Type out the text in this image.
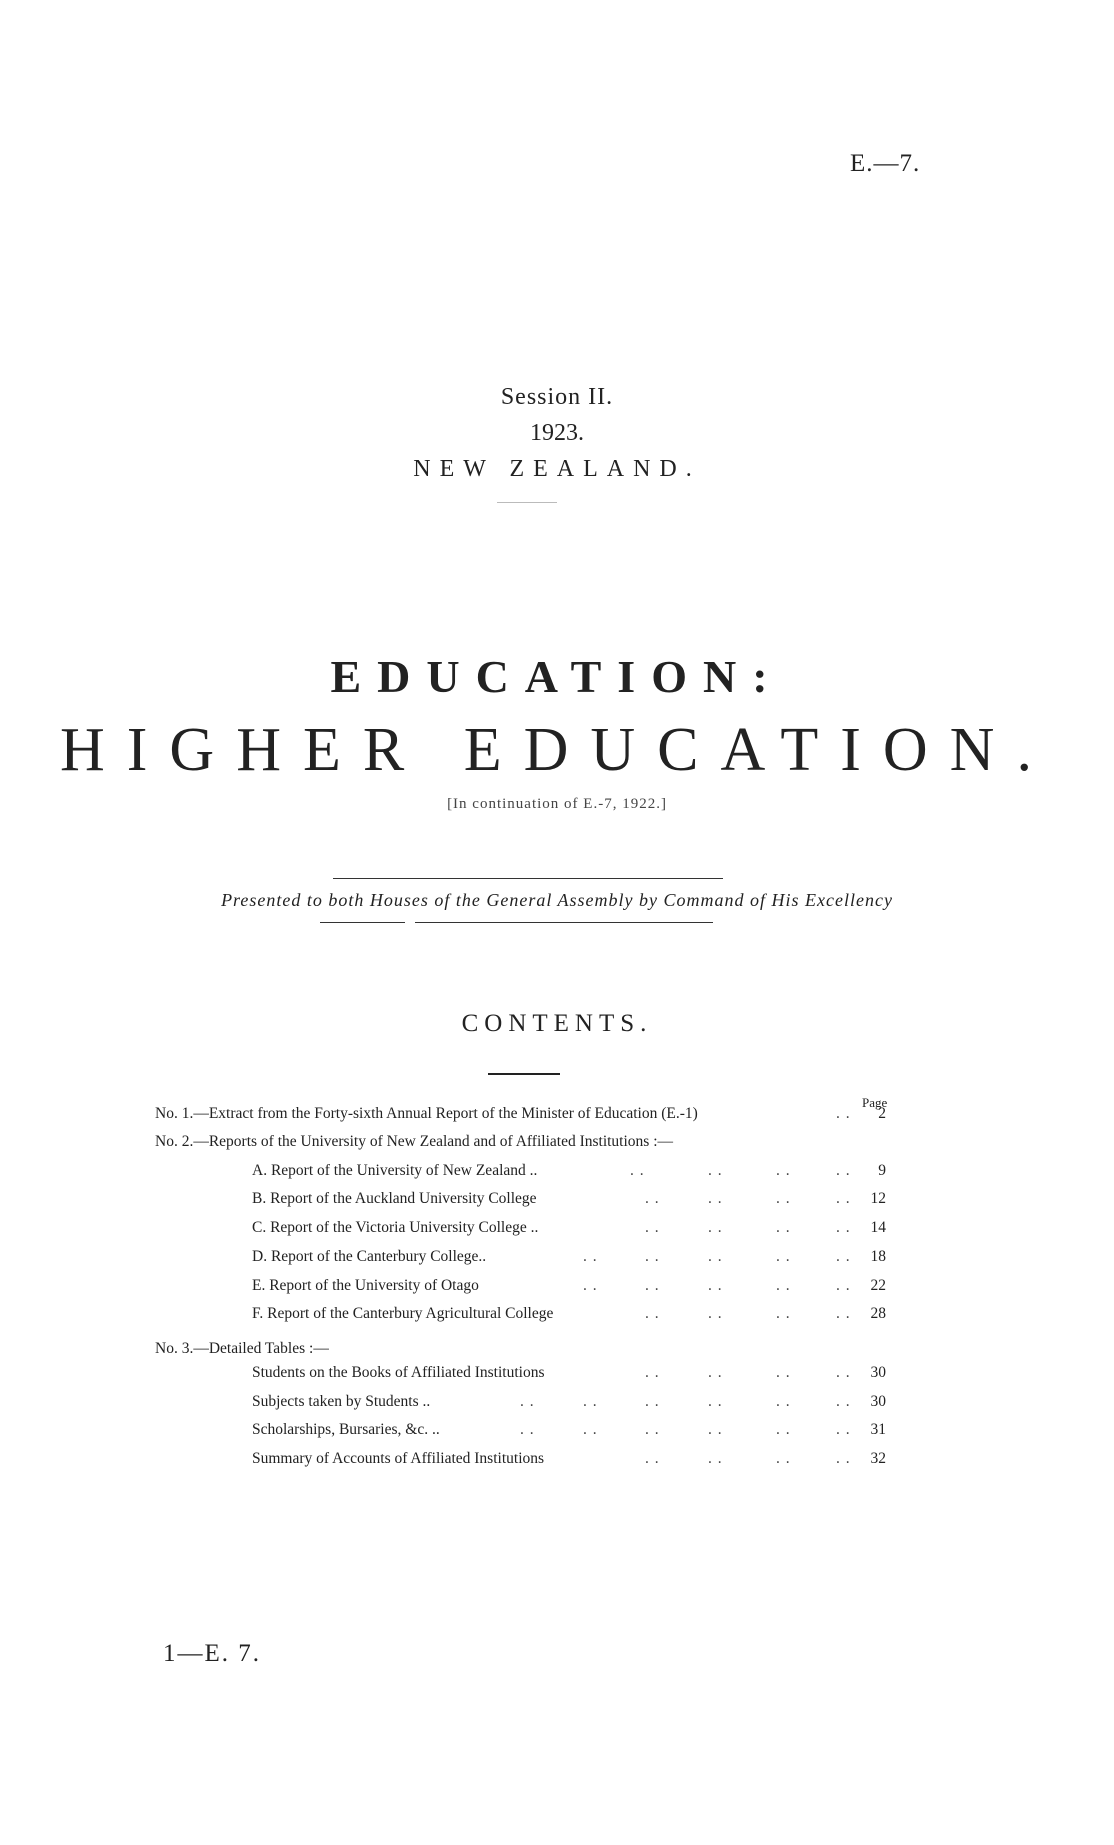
E.—7.
Session II.
1923.
NEW ZEALAND.
EDUCATION:
HIGHER EDUCATION.
[In continuation of E.-7, 1922.]
Presented to both Houses of the General Assembly by Command of His Excellency
CONTENTS.
Page
No. 1.—Extract from the Forty-sixth Annual Report of the Minister of Education (E.-1)	. .	2
No. 2.—Reports of the University of New Zealand and of Affiliated Institutions :—
A. Report of the University of New Zealand ..	. .	. .	. .	. .	9
B. Report of the Auckland University College	. .	. .	. .	. .	12
C. Report of the Victoria University College ..	. .	. .	. .	. .	14
D. Report of the Canterbury College..	. .	. .	. .	. .	. .	18
E. Report of the University of Otago	. .	. .	. .	. .	. .	22
F. Report of the Canterbury Agricultural College	. .	. .	. .	. .	28
No. 3.—Detailed Tables :—
Students on the Books of Affiliated Institutions	. .	. .	. .	. .	30
Subjects taken by Students ..	. .	. .	. .	. .	. .	. .	30
Scholarships, Bursaries, &c. ..	. .	. .	. .	. .	. .	. .	31
Summary of Accounts of Affiliated Institutions	. .	. .	. .	. .	32
1—E. 7.
